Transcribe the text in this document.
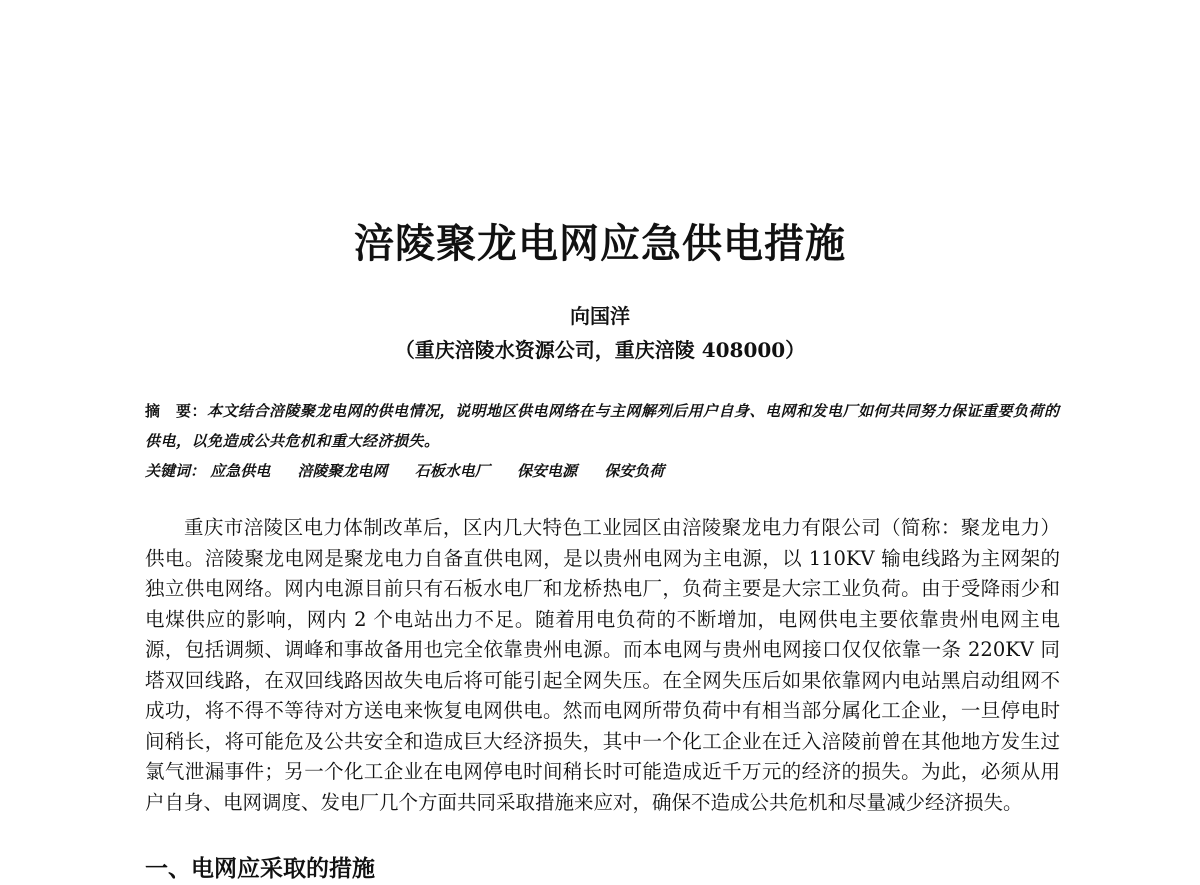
涪陵聚龙电网应急供电措施
向国洋
（重庆涪陵水资源公司，重庆涪陵 408000）
摘　要：本文结合涪陵聚龙电网的供电情况，说明地区供电网络在与主网解列后用户自身、电网和发电厂如何共同努力保证重要负荷的供电，以免造成公共危机和重大经济损失。
关键词： 应急供电 涪陵聚龙电网 石板水电厂 保安电源 保安负荷
重庆市涪陵区电力体制改革后，区内几大特色工业园区由涪陵聚龙电力有限公司（简称：聚龙电力）供电。涪陵聚龙电网是聚龙电力自备直供电网，是以贵州电网为主电源，以 110KV 输电线路为主网架的独立供电网络。网内电源目前只有石板水电厂和龙桥热电厂，负荷主要是大宗工业负荷。由于受降雨少和电煤供应的影响，网内 2 个电站出力不足。随着用电负荷的不断增加，电网供电主要依靠贵州电网主电源，包括调频、调峰和事故备用也完全依靠贵州电源。而本电网与贵州电网接口仅仅依靠一条 220KV 同塔双回线路，在双回线路因故失电后将可能引起全网失压。在全网失压后如果依靠网内电站黑启动组网不成功，将不得不等待对方送电来恢复电网供电。然而电网所带负荷中有相当部分属化工企业，一旦停电时间稍长，将可能危及公共安全和造成巨大经济损失，其中一个化工企业在迁入涪陵前曾在其他地方发生过氯气泄漏事件；另一个化工企业在电网停电时间稍长时可能造成近千万元的经济的损失。为此，必须从用户自身、电网调度、发电厂几个方面共同采取措施来应对，确保不造成公共危机和尽量减少经济损失。
一、电网应采取的措施
